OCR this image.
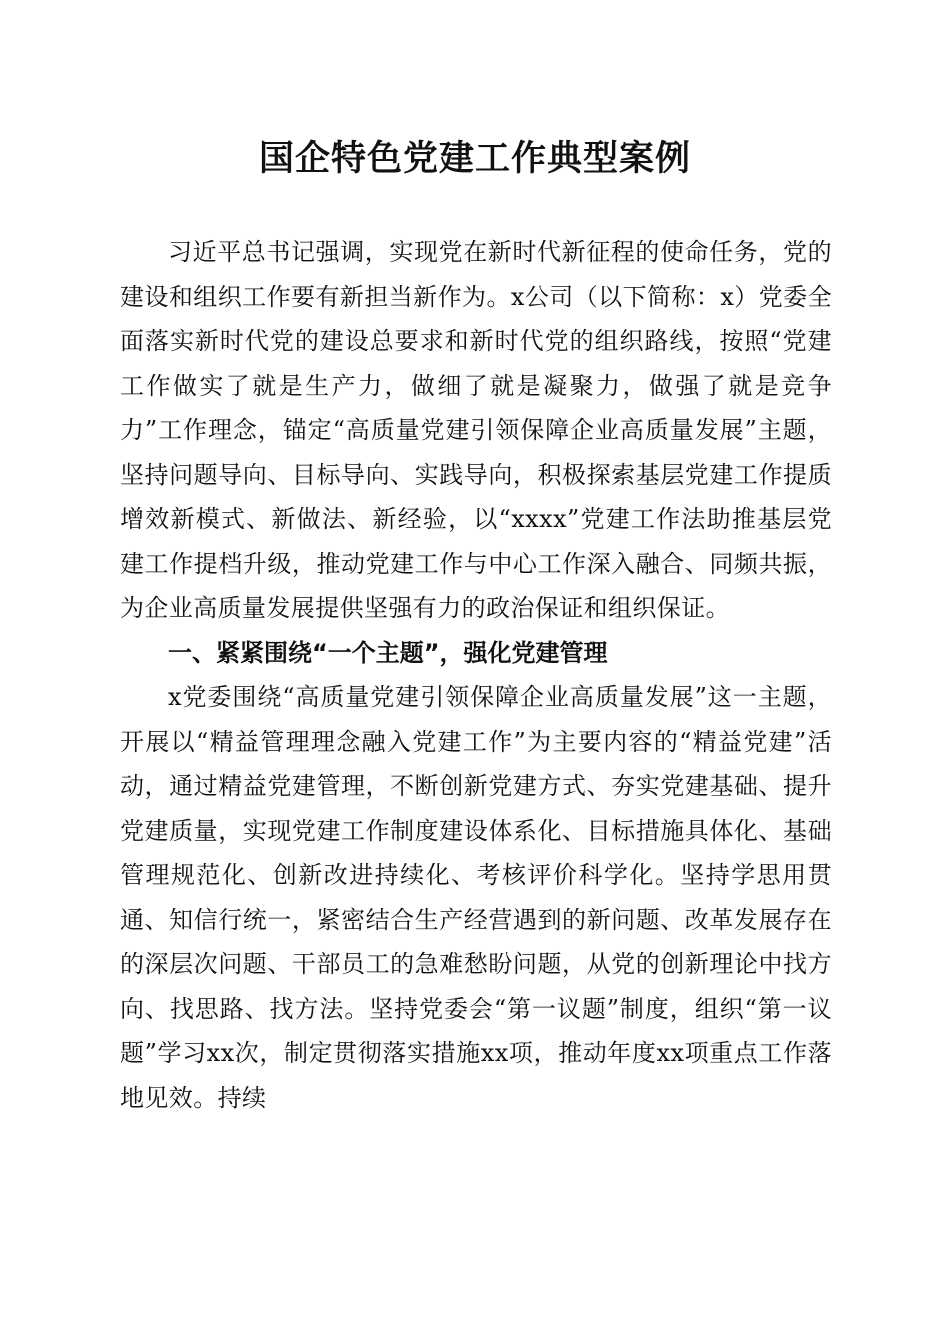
国企特色党建工作典型案例

习近平总书记强调，实现党在新时代新征程的使命任务，党的建设和组织工作要有新担当新作为。x公司（以下简称：x）党委全面落实新时代党的建设总要求和新时代党的组织路线，按照“党建工作做实了就是生产力，做细了就是凝聚力，做强了就是竞争力”工作理念，锚定“高质量党建引领保障企业高质量发展”主题，坚持问题导向、目标导向、实践导向，积极探索基层党建工作提质增效新模式、新做法、新经验，以“xxxx”党建工作法助推基层党建工作提档升级，推动党建工作与中心工作深入融合、同频共振，为企业高质量发展提供坚强有力的政治保证和组织保证。

一、紧紧围绕“一个主题”，强化党建管理

x党委围绕“高质量党建引领保障企业高质量发展”这一主题，开展以“精益管理理念融入党建工作”为主要内容的“精益党建”活动，通过精益党建管理，不断创新党建方式、夯实党建基础、提升党建质量，实现党建工作制度建设体系化、目标措施具体化、基础管理规范化、创新改进持续化、考核评价科学化。坚持学思用贯通、知信行统一，紧密结合生产经营遇到的新问题、改革发展存在的深层次问题、干部员工的急难愁盼问题，从党的创新理论中找方向、找思路、找方法。坚持党委会“第一议题”制度，组织“第一议题”学习xx次，制定贯彻落实措施xx项，推动年度xx项重点工作落地见效。持续
